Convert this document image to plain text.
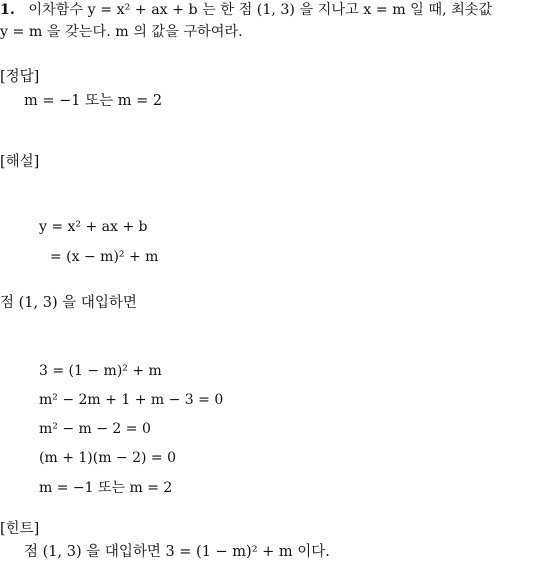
1. 이차함수 y = x² + ax + b 는 한 점 (1, 3) 을 지나고 x = m 일 때, 최솟값
y = m 을 갖는다. m 의 값을 구하여라.
[정답]
m = −1 또는 m = 2
[해설]
y = x² + ax + b
= (x − m)² + m
점 (1, 3) 을 대입하면
3 = (1 − m)² + m
m² − 2m + 1 + m − 3 = 0
m² − m − 2 = 0
(m + 1)(m − 2) = 0
m = −1 또는 m = 2
[힌트]
점 (1, 3) 을 대입하면 3 = (1 − m)² + m 이다.
